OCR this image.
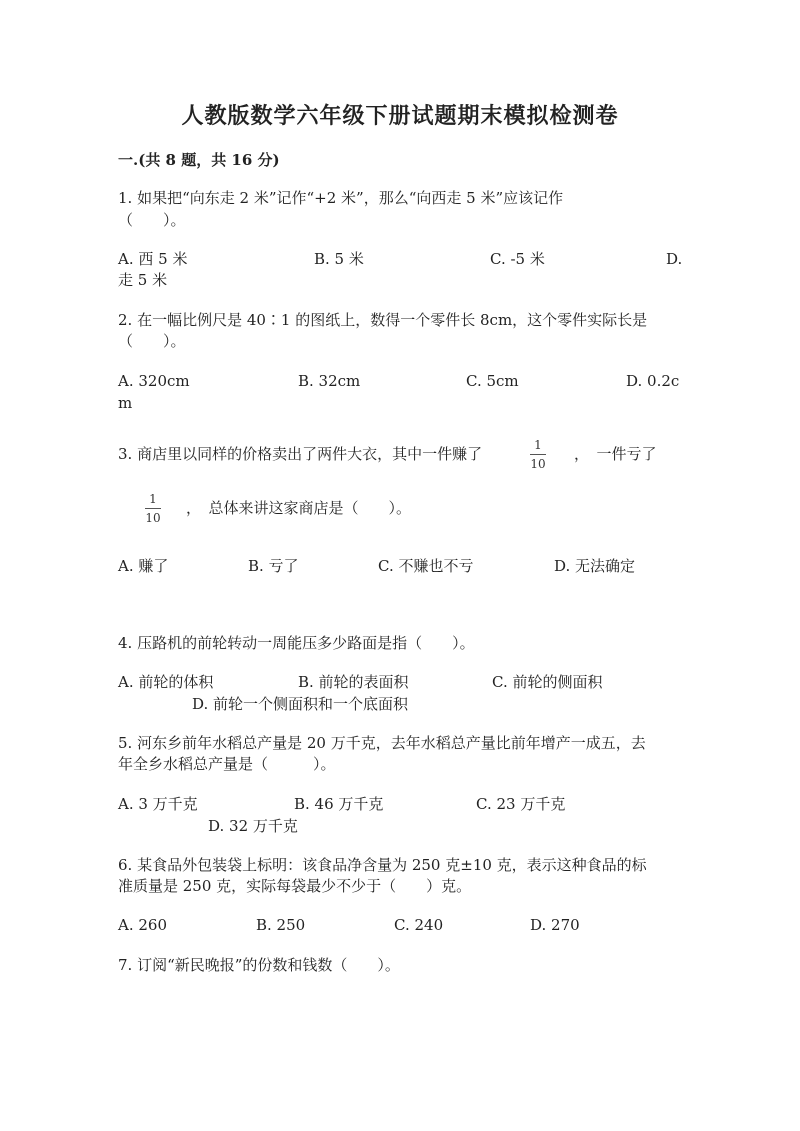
人教版数学六年级下册试题期末模拟检测卷
一.(共 8 题，共 16 分)
1. 如果把“向东走 2 米”记作“+2 米”，那么“向西走 5 米”应该记作
（　　）。
A. 西 5 米	B. 5 米	C. -5 米	D.
走 5 米
2. 在一幅比例尺是 40∶1 的图纸上，数得一个零件长 8cm，这个零件实际长是
（　　）。
A. 320cm	B. 32cm	C. 5cm	D. 0.2c
m
3. 商店里以同样的价格卖出了两件大衣，其中一件赚了	1
10
，　一件亏了
1
10
，　总体来讲这家商店是（　　）。
A. 赚了	B. 亏了	C. 不赚也不亏	D. 无法确定
4. 压路机的前轮转动一周能压多少路面是指（　　）。
A. 前轮的体积	B. 前轮的表面积	C. 前轮的侧面积
D. 前轮一个侧面积和一个底面积
5. 河东乡前年水稻总产量是 20 万千克，去年水稻总产量比前年增产一成五，去
年全乡水稻总产量是（　　　）。
A. 3 万千克	B. 46 万千克	C. 23 万千克
D. 32 万千克
6. 某食品外包装袋上标明：该食品净含量为 250 克±10 克，表示这种食品的标
准质量是 250 克，实际每袋最少不少于（　　）克。
A. 260	B. 250	C. 240	D. 270
7. 订阅“新民晚报”的份数和钱数（　　）。
